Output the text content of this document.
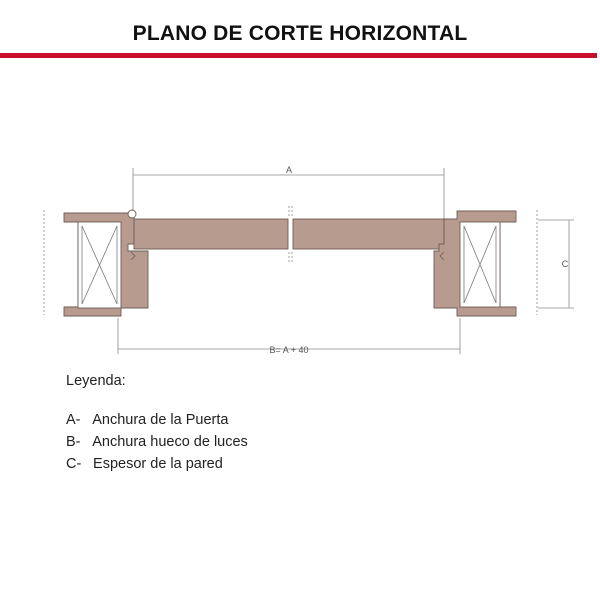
PLANO DE CORTE HORIZONTAL
A
B= A + 40
C
Leyenda:
A- Anchura de la Puerta
B- Anchura hueco de luces
C- Espesor de la pared
